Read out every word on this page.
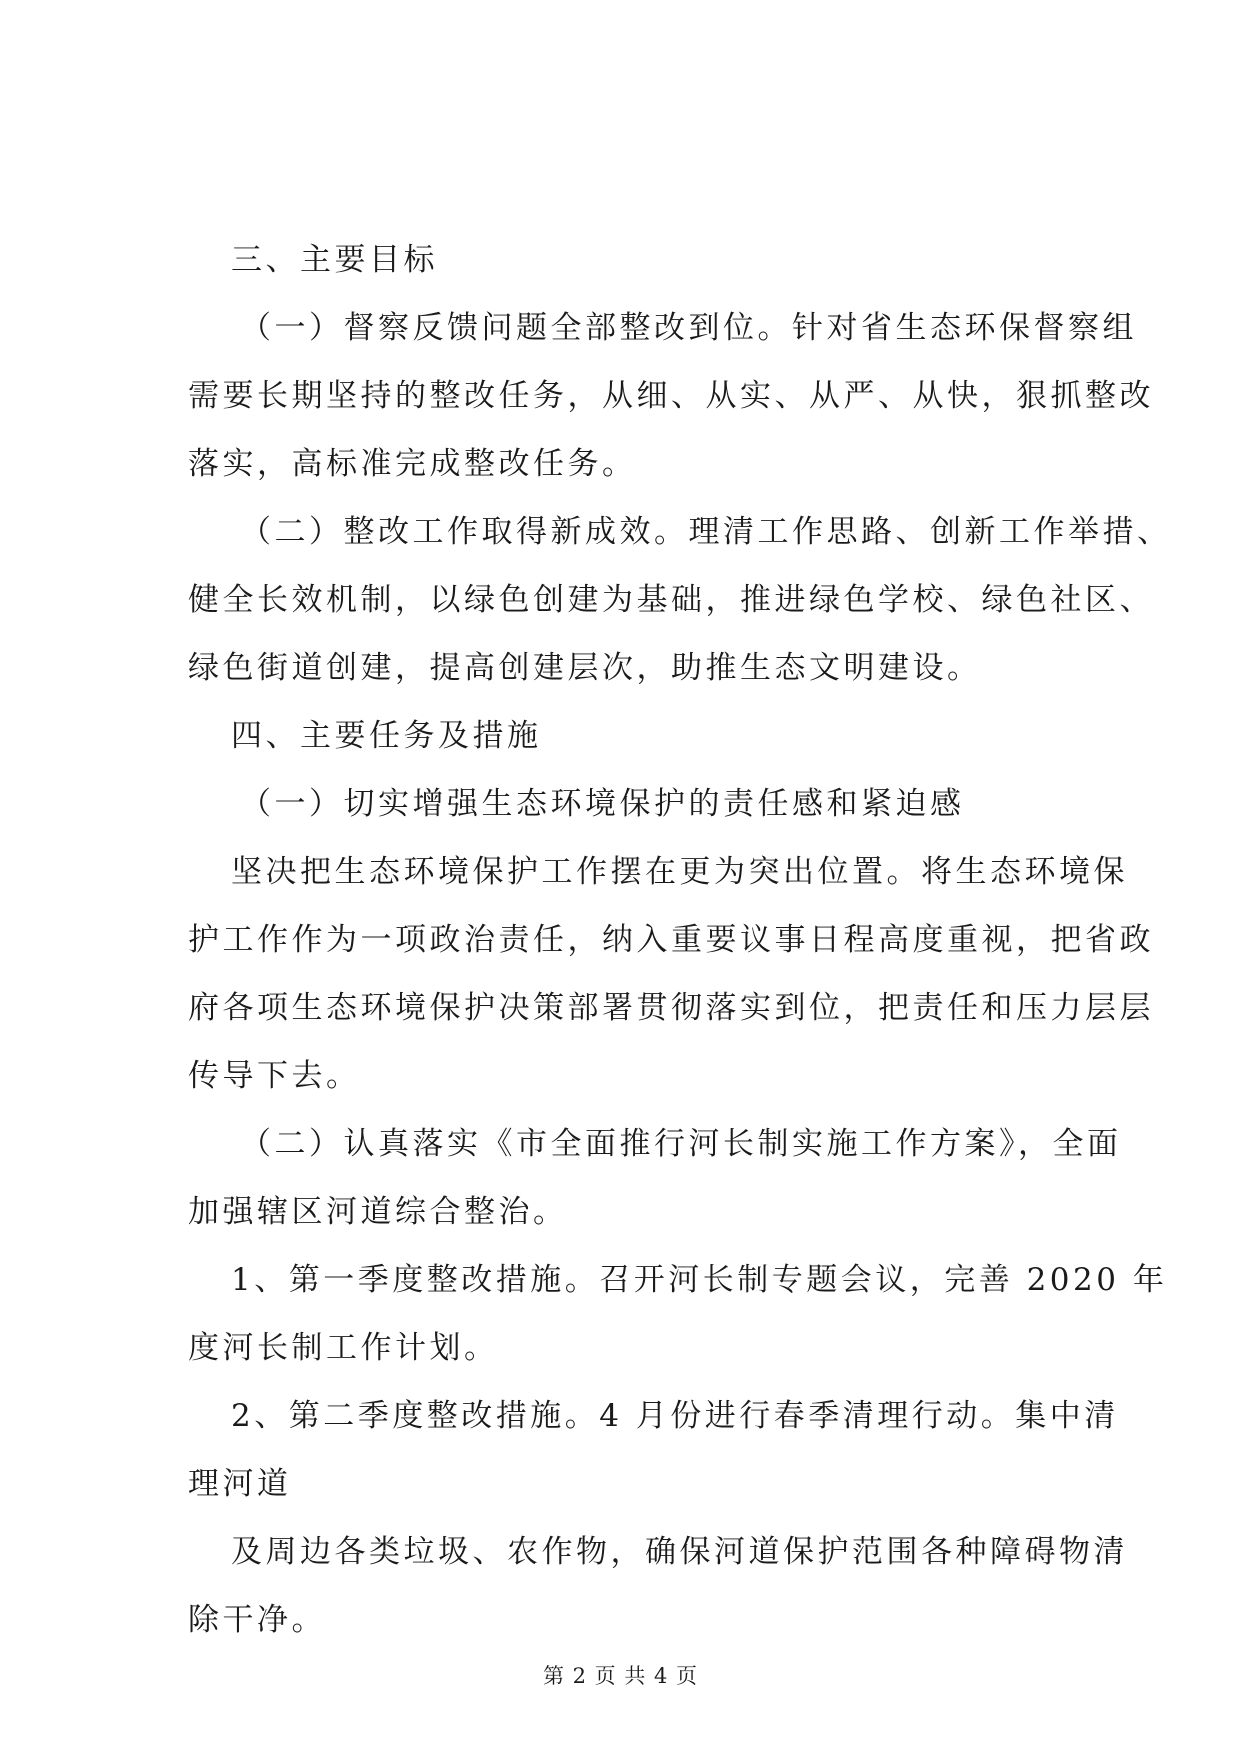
三、主要目标
（一）督察反馈问题全部整改到位。针对省生态环保督察组
需要长期坚持的整改任务，从细、从实、从严、从快，狠抓整改
落实，高标准完成整改任务。
（二）整改工作取得新成效。理清工作思路、创新工作举措、
健全长效机制，以绿色创建为基础，推进绿色学校、绿色社区、
绿色街道创建，提高创建层次，助推生态文明建设。
四、主要任务及措施
（一）切实增强生态环境保护的责任感和紧迫感
坚决把生态环境保护工作摆在更为突出位置。将生态环境保
护工作作为一项政治责任，纳入重要议事日程高度重视，把省政
府各项生态环境保护决策部署贯彻落实到位，把责任和压力层层
传导下去。
（二）认真落实《市全面推行河长制实施工作方案》，全面
加强辖区河道综合整治。
1、第一季度整改措施。召开河长制专题会议，完善 2020 年
度河长制工作计划。
2、第二季度整改措施。4 月份进行春季清理行动。集中清
理河道
及周边各类垃圾、农作物，确保河道保护范围各种障碍物清
除干净。
第 2 页 共 4 页
